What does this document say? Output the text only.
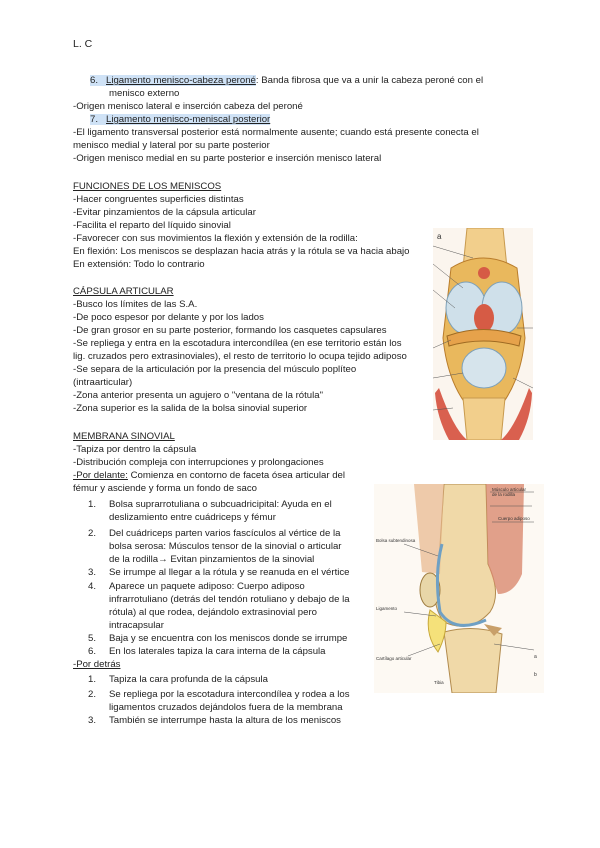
L. C
6. Ligamento menisco-cabeza peroné: Banda fibrosa que va a unir la cabeza peroné con el
menisco externo
-Origen menisco lateral e inserción cabeza del peroné
7. Ligamento menisco-meniscal posterior
-El ligamento transversal posterior está normalmente ausente; cuando está presente conecta el
menisco medial y lateral por su parte posterior
-Origen menisco medial en su parte posterior e inserción menisco lateral
FUNCIONES DE LOS MENISCOS
-Hacer congruentes superficies distintas
-Evitar pinzamientos de la cápsula articular
-Facilita el reparto del líquido sinovial
-Favorecer con sus movimientos la flexión y extensión de la rodilla:
En flexión: Los meniscos se desplazan hacia atrás y la rótula se va hacia abajo
En extensión: Todo lo contrario
CÁPSULA ARTICULAR
-Busco los límites de las S.A.
-De poco espesor por delante y por los lados
-De gran grosor en su parte posterior, formando los casquetes capsulares
-Se repliega y entra en la escotadura intercondílea (en ese territorio están los
lig. cruzados pero extrasinoviales), el resto de territorio lo ocupa tejido adiposo
-Se separa de la articulación por la presencia del músculo poplíteo
(intraarticular)
-Zona anterior presenta un agujero o "ventana de la rótula"
-Zona superior es la salida de la bolsa sinovial superior
MEMBRANA SINOVIAL
-Tapiza por dentro la cápsula
-Distribución compleja con interrupciones y prolongaciones
-Por delante: Comienza en contorno de faceta ósea articular del
fémur y asciende y forma un fondo de saco
1. Bolsa suprarrotuliana o subcuadricipital: Ayuda en el
deslizamiento entre cuádriceps y fémur
2. Del cuádriceps parten varios fascículos al vértice de la
bolsa serosa: Músculos tensor de la sinovial o articular
de la rodilla→ Evitan pinzamientos de la sinovial
3. Se irrumpe al llegar a la rótula y se reanuda en el vértice
4. Aparece un paquete adiposo: Cuerpo adiposo
infrarrotuliano (detrás del tendón rotuliano y debajo de la
rótula) al que rodea, dejándolo extrasinovial pero
intracapsular
5. Baja y se encuentra con los meniscos donde se irrumpe
6. En los laterales tapiza la cara interna de la cápsula
-Por detrás
1. Tapiza la cara profunda de la cápsula
2. Se repliega por la escotadura intercondílea y rodea a los
ligamentos cruzados dejándolos fuera de la membrana
3. También se interrumpe hasta la altura de los meniscos
a
Músculo articular
de la rodilla
Bolsa subtendinosa
Cuerpo adiposo
Ligamento
Cartílago articular
Tibia
a
b
